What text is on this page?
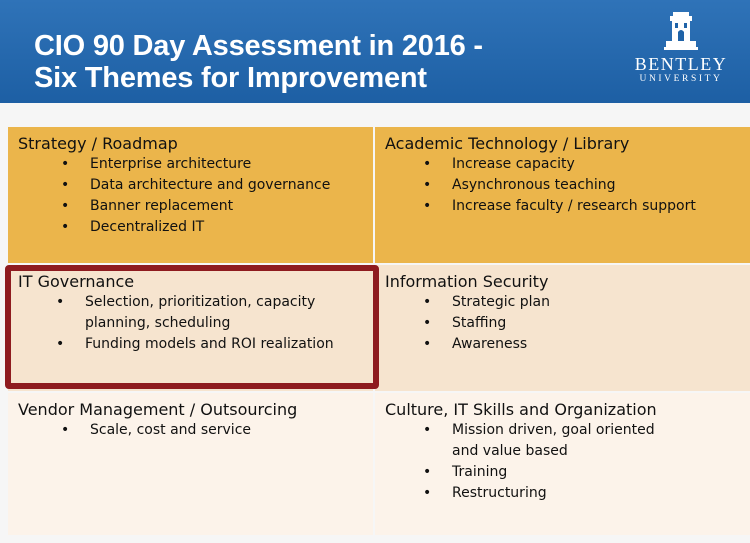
CIO 90 Day Assessment in 2016 -
Six Themes for Improvement	BENTLEY
UNIVERSITY
Strategy / Roadmap
• Enterprise architecture
• Data architecture and governance
• Banner replacement
• Decentralized IT
Academic Technology / Library
• Increase capacity
• Asynchronous teaching
• Increase faculty / research support
IT Governance
• Selection, prioritization, capacity planning, scheduling
• Funding models and ROI realization
Information Security
• Strategic plan
• Staffing
• Awareness
Vendor Management / Outsourcing
• Scale, cost and service
Culture, IT Skills and Organization
• Mission driven, goal oriented and value based
• Training
• Restructuring
